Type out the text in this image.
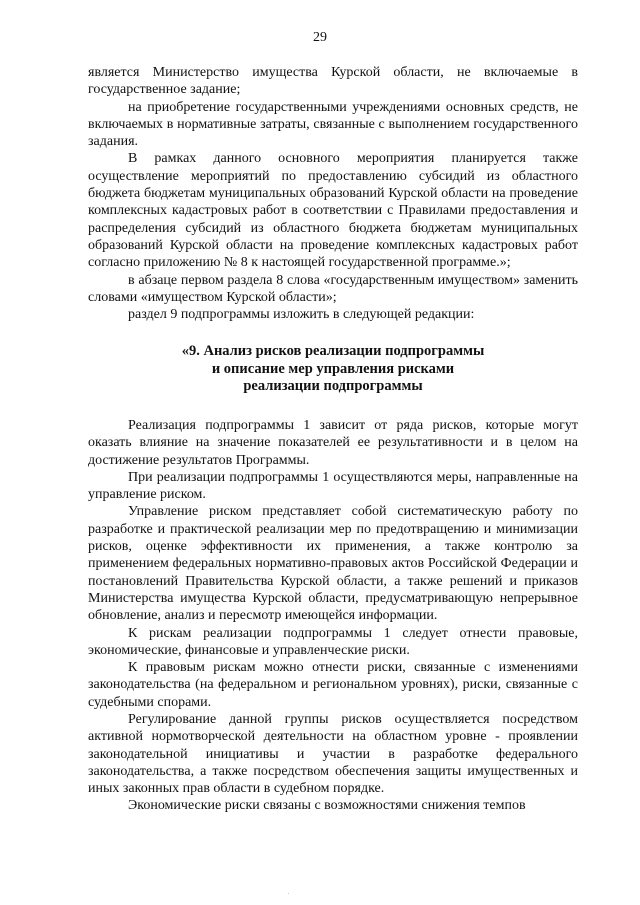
29

является Министерство имущества Курской области, не включаемые в государственное задание;

на приобретение государственными учреждениями основных средств, не включаемых в нормативные затраты, связанные с выполнением государственного задания.

В рамках данного основного мероприятия планируется также осуществление мероприятий по предоставлению субсидий из областного бюджета бюджетам муниципальных образований Курской области на проведение комплексных кадастровых работ в соответствии с Правилами предоставления и распределения субсидий из областного бюджета бюджетам муниципальных образований Курской области на проведение комплексных кадастровых работ согласно приложению № 8 к настоящей государственной программе.»;

в абзаце первом раздела 8 слова «государственным имуществом» заменить словами «имуществом Курской области»;

раздел 9 подпрограммы изложить в следующей редакции:

«9. Анализ рисков реализации подпрограммы
и описание мер управления рисками
реализации подпрограммы

Реализация подпрограммы 1 зависит от ряда рисков, которые могут оказать влияние на значение показателей ее результативности и в целом на достижение результатов Программы.

При реализации подпрограммы 1 осуществляются меры, направленные на управление риском.

Управление риском представляет собой систематическую работу по разработке и практической реализации мер по предотвращению и минимизации рисков, оценке эффективности их применения, а также контролю за применением федеральных нормативно-правовых актов Российской Федерации и постановлений Правительства Курской области, а также решений и приказов Министерства имущества Курской области, предусматривающую непрерывное обновление, анализ и пересмотр имеющейся информации.

К рискам реализации подпрограммы 1 следует отнести правовые, экономические, финансовые и управленческие риски.

К правовым рискам можно отнести риски, связанные с изменениями законодательства (на федеральном и региональном уровнях), риски, связанные с судебными спорами.

Регулирование данной группы рисков осуществляется посредством активной нормотворческой деятельности на областном уровне - проявлении законодательной инициативы и участии в разработке федерального законодательства, а также посредством обеспечения защиты имущественных и иных законных прав области в судебном порядке.

Экономические риски связаны с возможностями снижения темпов
